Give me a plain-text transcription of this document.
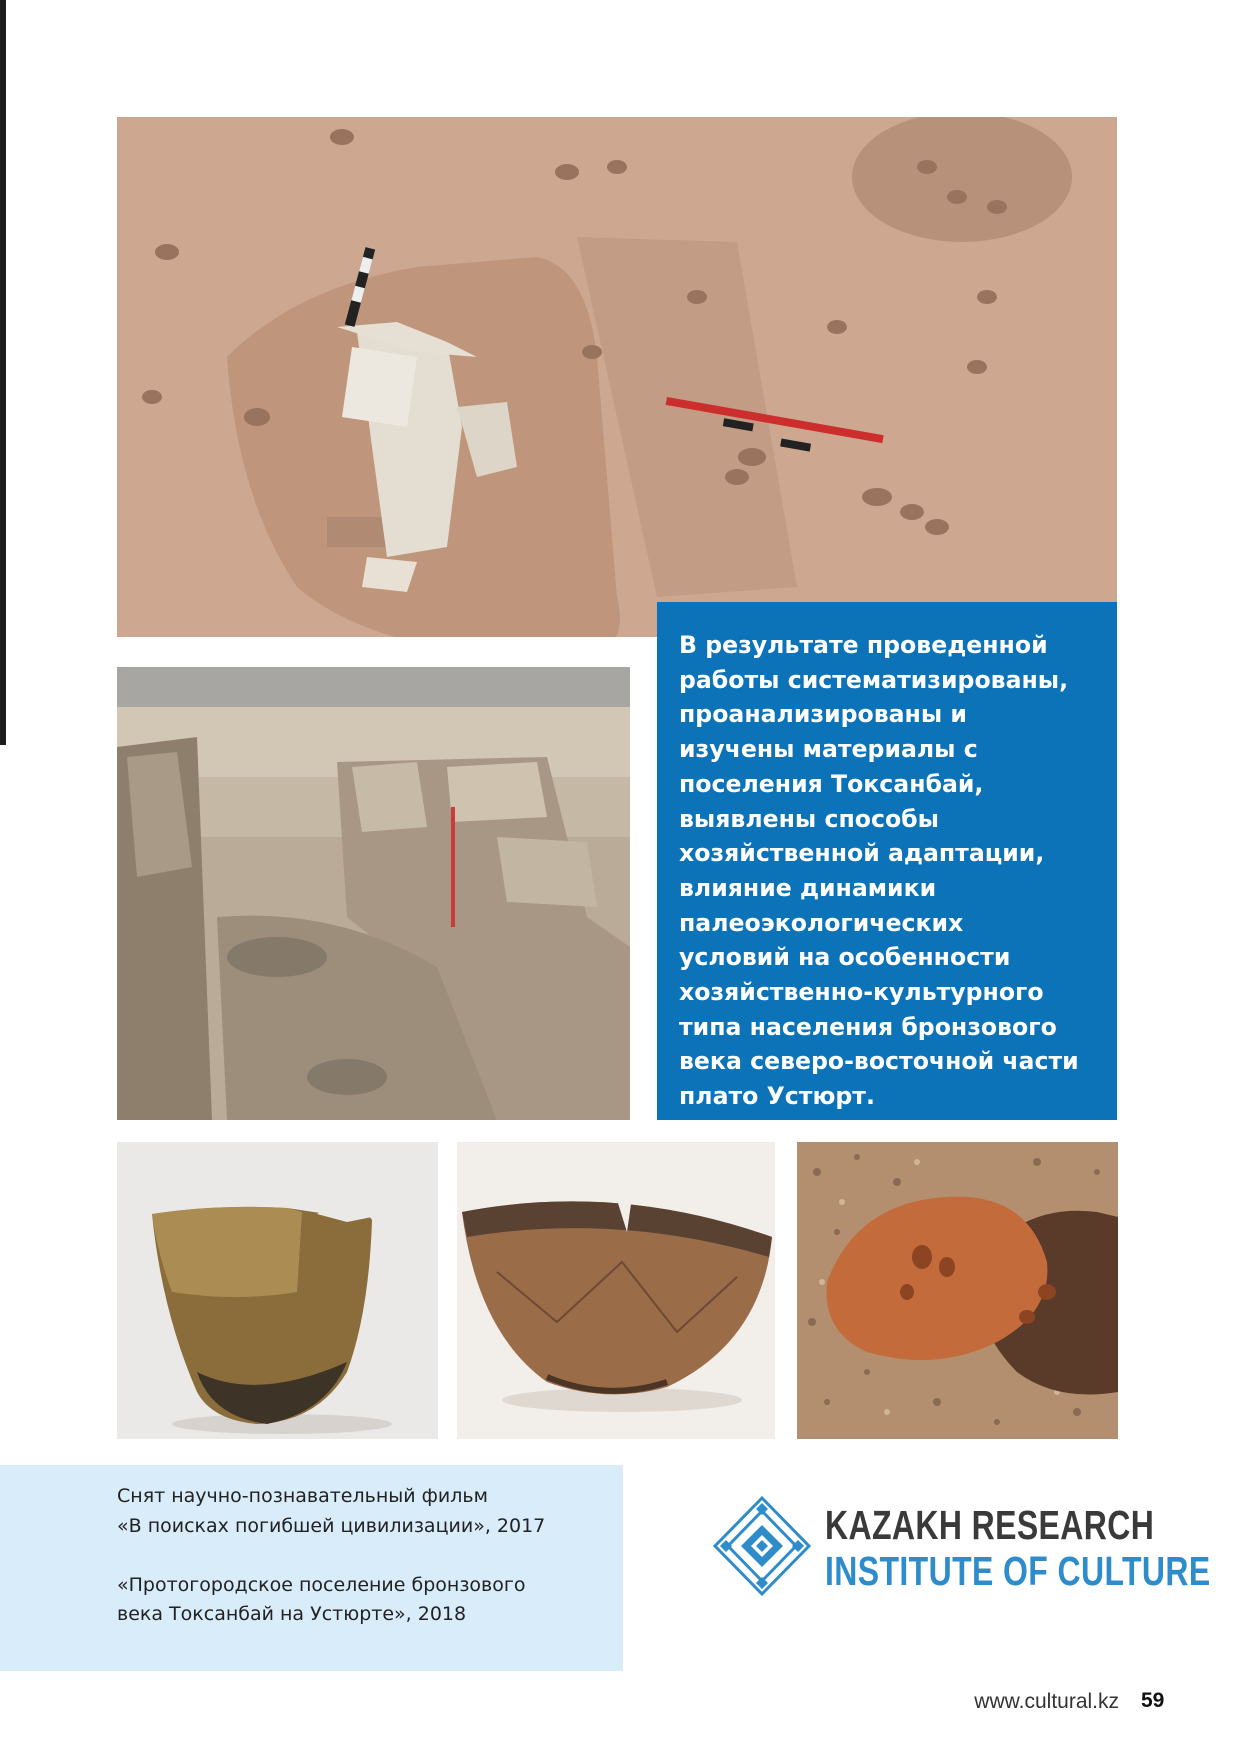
В результате проведенной
работы систематизированы,
проанализированы и
изучены материалы с
поселения Токсанбай,
выявлены способы
хозяйственной адаптации,
влияние динамики
палеоэкологических
условий на особенности
хозяйственно-культурного
типа населения бронзового
века северо-восточной части
плато Устюрт.

Снят научно-познавательный фильм

«В поисках погибшей цивилизации», 2017

«Протогородское поселение бронзового

века Токсанбай на Устюрте», 2018

KAZAKH RESEARCH
INSTITUTE OF CULTURE
www.cultural.kz 59
